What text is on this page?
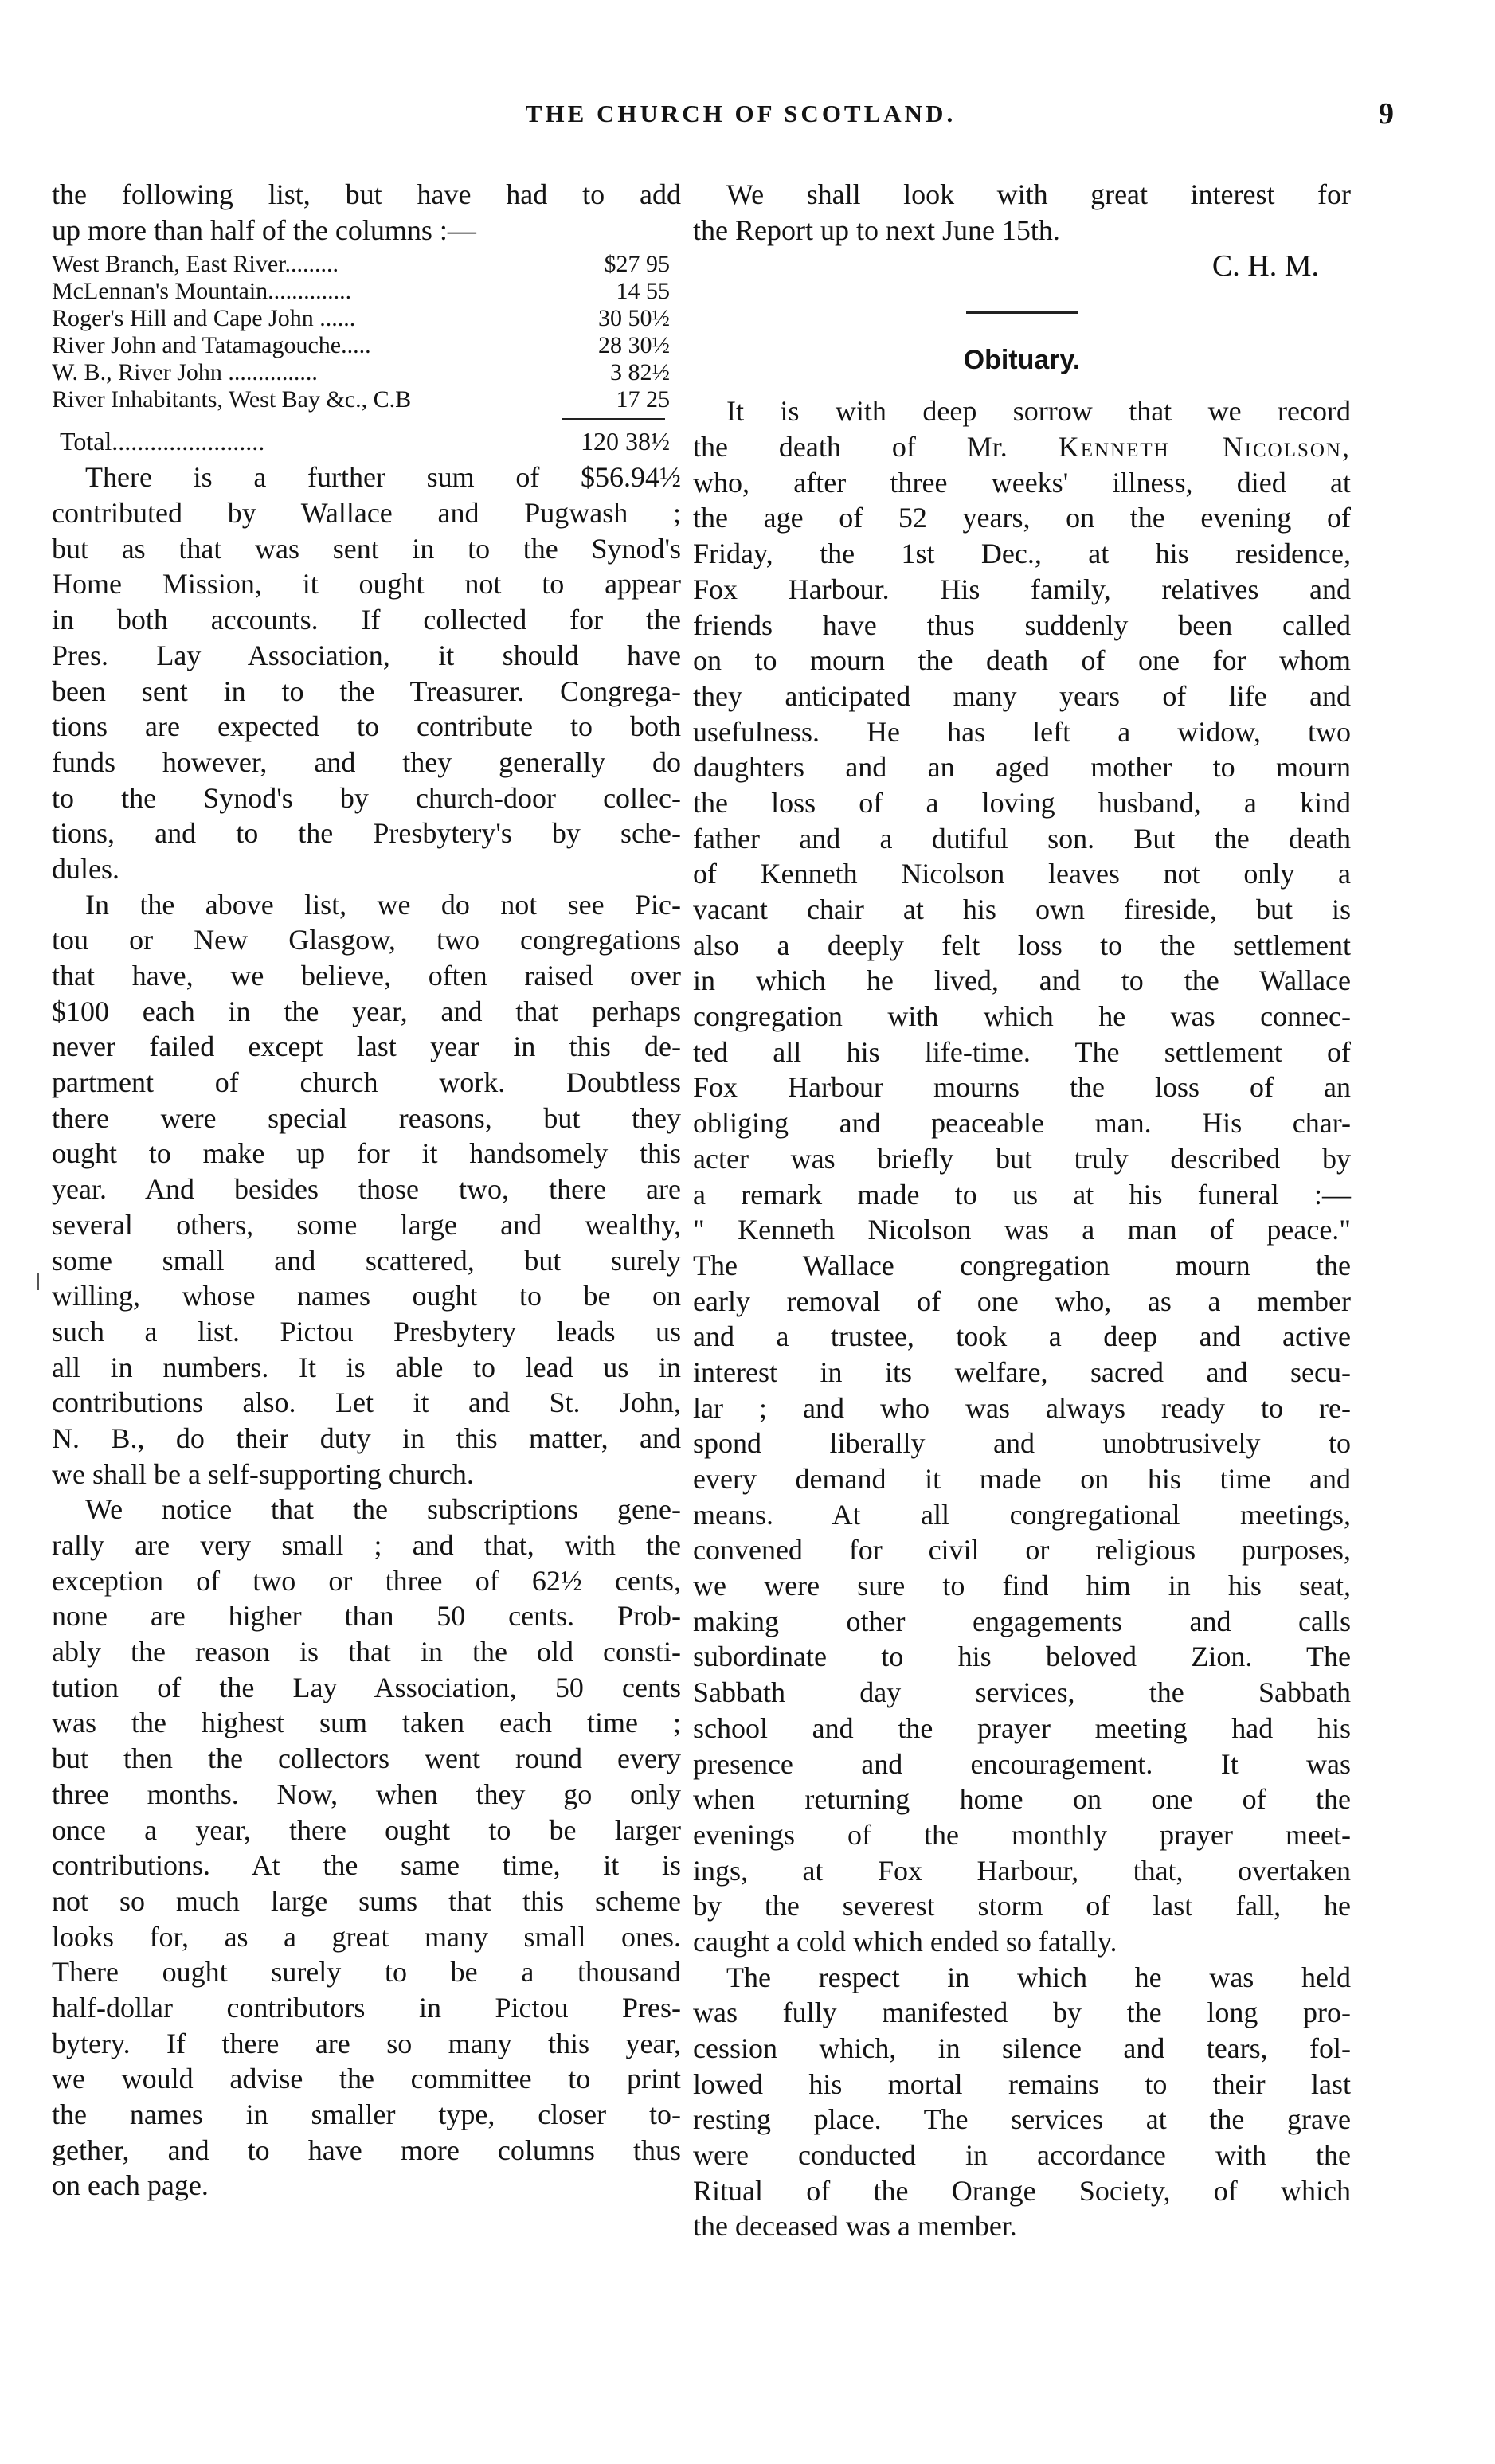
THE CHURCH OF SCOTLAND.	9
the following list, but have had to add
up more than half of the columns :—
West Branch, East River.........	$27 95
McLennan's Mountain..............	14 55
Roger's Hill and Cape John ......	30 50½
River John and Tatamagouche.....	28 30½
W. B., River John ...............	3 82½
River Inhabitants, West Bay &c., C.B	17 25
Total........................	120 38½
There is a further sum of $56.94½
contributed by Wallace and Pugwash ;
but as that was sent in to the Synod's
Home Mission, it ought not to appear
in both accounts. If collected for the
Pres. Lay Association, it should have
been sent in to the Treasurer. Congrega-
tions are expected to contribute to both
funds however, and they generally do
to the Synod's by church-door collec-
tions, and to the Presbytery's by sche-
dules.
In the above list, we do not see Pic-
tou or New Glasgow, two congregations
that have, we believe, often raised over
$100 each in the year, and that perhaps
never failed except last year in this de-
partment of church work. Doubtless
there were special reasons, but they
ought to make up for it handsomely this
year. And besides those two, there are
several others, some large and wealthy,
some small and scattered, but surely
willing, whose names ought to be on
such a list. Pictou Presbytery leads us
all in numbers. It is able to lead us in
contributions also. Let it and St. John,
N. B., do their duty in this matter, and
we shall be a self-supporting church.
We notice that the subscriptions gene-
rally are very small ; and that, with the
exception of two or three of 62½ cents,
none are higher than 50 cents. Prob-
ably the reason is that in the old consti-
tution of the Lay Association, 50 cents
was the highest sum taken each time ;
but then the collectors went round every
three months. Now, when they go only
once a year, there ought to be larger
contributions. At the same time, it is
not so much large sums that this scheme
looks for, as a great many small ones.
There ought surely to be a thousand
half-dollar contributors in Pictou Pres-
bytery. If there are so many this year,
we would advise the committee to print
the names in smaller type, closer to-
gether, and to have more columns thus
on each page.
We shall look with great interest for
the Report up to next June 15th.
C. H. M.
Obituary.
It is with deep sorrow that we record
the death of Mr. Kenneth Nicolson,
who, after three weeks' illness, died at
the age of 52 years, on the evening of
Friday, the 1st Dec., at his residence,
Fox Harbour. His family, relatives and
friends have thus suddenly been called
on to mourn the death of one for whom
they anticipated many years of life and
usefulness. He has left a widow, two
daughters and an aged mother to mourn
the loss of a loving husband, a kind
father and a dutiful son. But the death
of Kenneth Nicolson leaves not only a
vacant chair at his own fireside, but is
also a deeply felt loss to the settlement
in which he lived, and to the Wallace
congregation with which he was connec-
ted all his life-time. The settlement of
Fox Harbour mourns the loss of an
obliging and peaceable man. His char-
acter was briefly but truly described by
a remark made to us at his funeral :—
" Kenneth Nicolson was a man of peace."
The Wallace congregation mourn the
early removal of one who, as a member
and a trustee, took a deep and active
interest in its welfare, sacred and secu-
lar ; and who was always ready to re-
spond liberally and unobtrusively to
every demand it made on his time and
means. At all congregational meetings,
convened for civil or religious purposes,
we were sure to find him in his seat,
making other engagements and calls
subordinate to his beloved Zion. The
Sabbath day services, the Sabbath
school and the prayer meeting had his
presence and encouragement. It was
when returning home on one of the
evenings of the monthly prayer meet-
ings, at Fox Harbour, that, overtaken
by the severest storm of last fall, he
caught a cold which ended so fatally.
The respect in which he was held
was fully manifested by the long pro-
cession which, in silence and tears, fol-
lowed his mortal remains to their last
resting place. The services at the grave
were conducted in accordance with the
Ritual of the Orange Society, of which
the deceased was a member.
